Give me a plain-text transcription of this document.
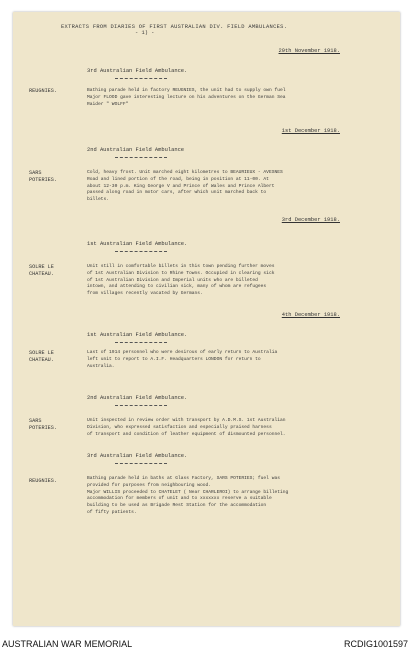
EXTRACTS FROM DIARIES OF FIRST AUSTRALIAN DIV. FIELD AMBULANCES.
- 1) -
29th November 1918.
3rd Australian Field Ambulance.
REUGNIES.	Bathing parade held in factory REUGNIES, the unit had to supply own fuel
Major FLOOD gave interesting lecture on his adventures on the German Sea
Raider " WOLFF"
1st December 1918.
2nd Australian Field Ambulance
SARS POTERIES.
Cold, heavy frost. Unit marched eight kilometres to BEAURIEUX - AVESNES
Road and lined portion of the road, being in position at 11-00. At
about 12-30 p.m. King George V and Prince of Wales and Prince Albert
passed along road in motor cars, after which unit marched back to
billets.
3rd December 1918.
1st Australian Field Ambulance.
SOLRE LE CHATEAU.
Unit still in comfortable billets in this town pending further moves
of 1st Australian Division to Rhine Towns. Occupied in clearing sick
of 1st Australian Division and Imperial units who are billeted
intown, and attending to civilian sick, many of whom are refugees
from villages recently vacated by Germans.
4th December 1918.
1st Australian Field Ambulance.
SOLRE LE CHATEAU.
Last of 1914 personnel who were desirous of early return to Australia
left unit to report to A.I.F. Headquarters LONDON for return to
Australia.
2nd Australian Field Ambulance.
SARS POTERIES.
Unit inspected in review order with transport by A.D.M.S. 1st Australian
Division, who expressed satisfaction and especially praised harness
of transport and condition of leather equipment of dismounted personnel.
3rd Australian Field Ambulance.
REUGNIES.	Bathing parade held in baths at Glass Factory, SARS POTERIES; fuel was
provided for purposes from neighbouring wood.
Major WILLIS proceeded to CHATELET ( Near CHARLEROI) to arrange billeting
accommodation for members of unit and to xxxxxxx reserve a suitable
building to be used as Brigade Rest Station for the accommodation
of fifty patients.
AUSTRALIAN WAR MEMORIAL	RCDIG1001597
